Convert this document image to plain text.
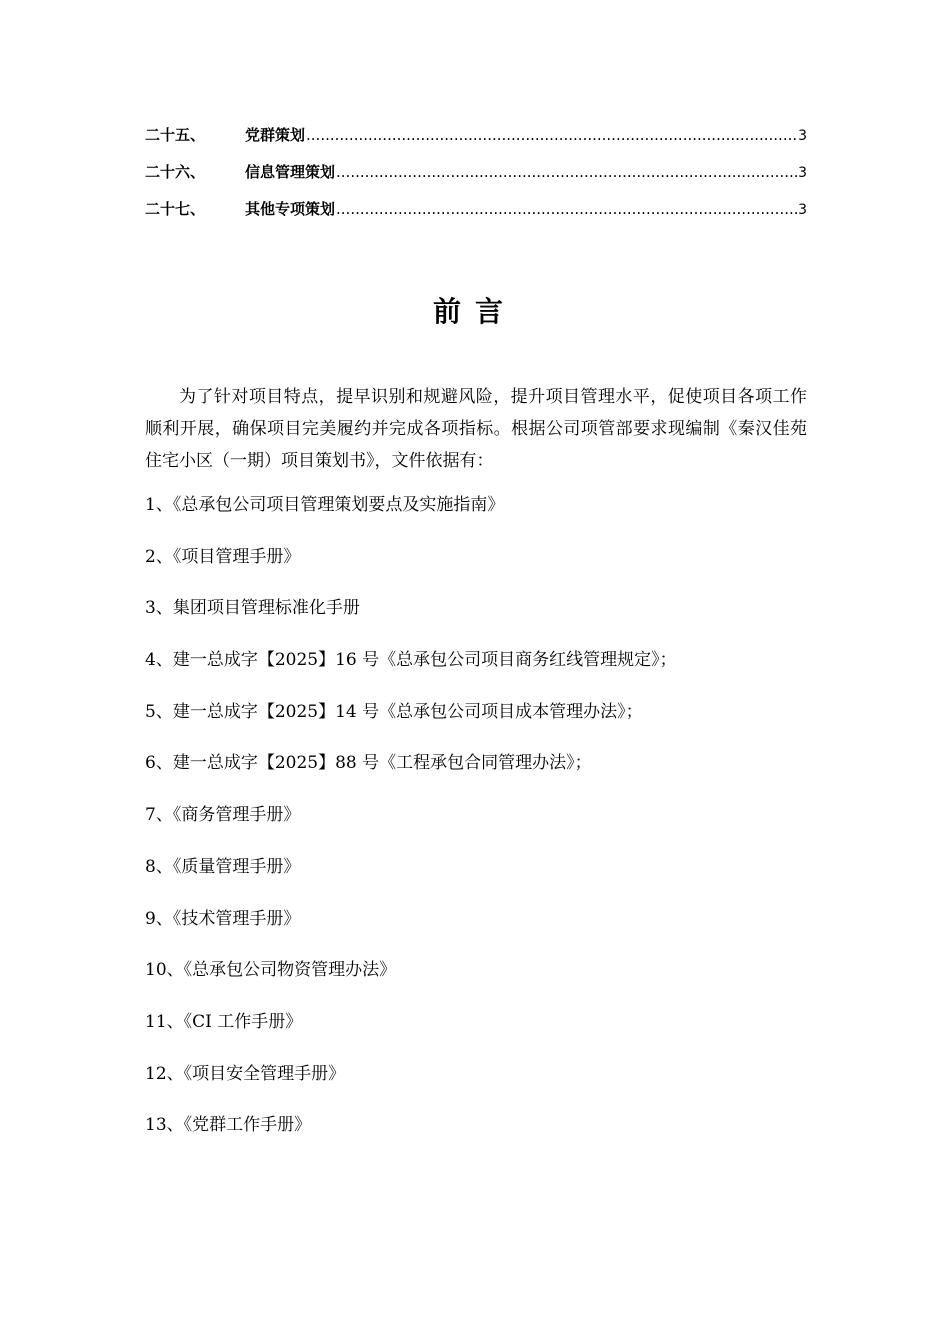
二十五、	党群策划 .....	3
二十六、	信息管理策划 .....	3
二十七、	其他专项策划 .....	3
前言

为了针对项目特点，提早识别和规避风险，提升项目管理水平，促使项目各项工作顺利开展，确保项目完美履约并完成各项指标。根据公司项管部要求现编制《秦汉佳苑住宅小区（一期）项目策划书》，文件依据有：

1、《总承包公司项目管理策划要点及实施指南》
2、《项目管理手册》
3、集团项目管理标准化手册
4、建一总成字【2025】16 号《总承包公司项目商务红线管理规定》；
5、建一总成字【2025】14 号《总承包公司项目成本管理办法》；
6、建一总成字【2025】88 号《工程承包合同管理办法》；
7、《商务管理手册》
8、《质量管理手册》
9、《技术管理手册》
10、《总承包公司物资管理办法》
11、《CI 工作手册》
12、《项目安全管理手册》
13、《党群工作手册》
